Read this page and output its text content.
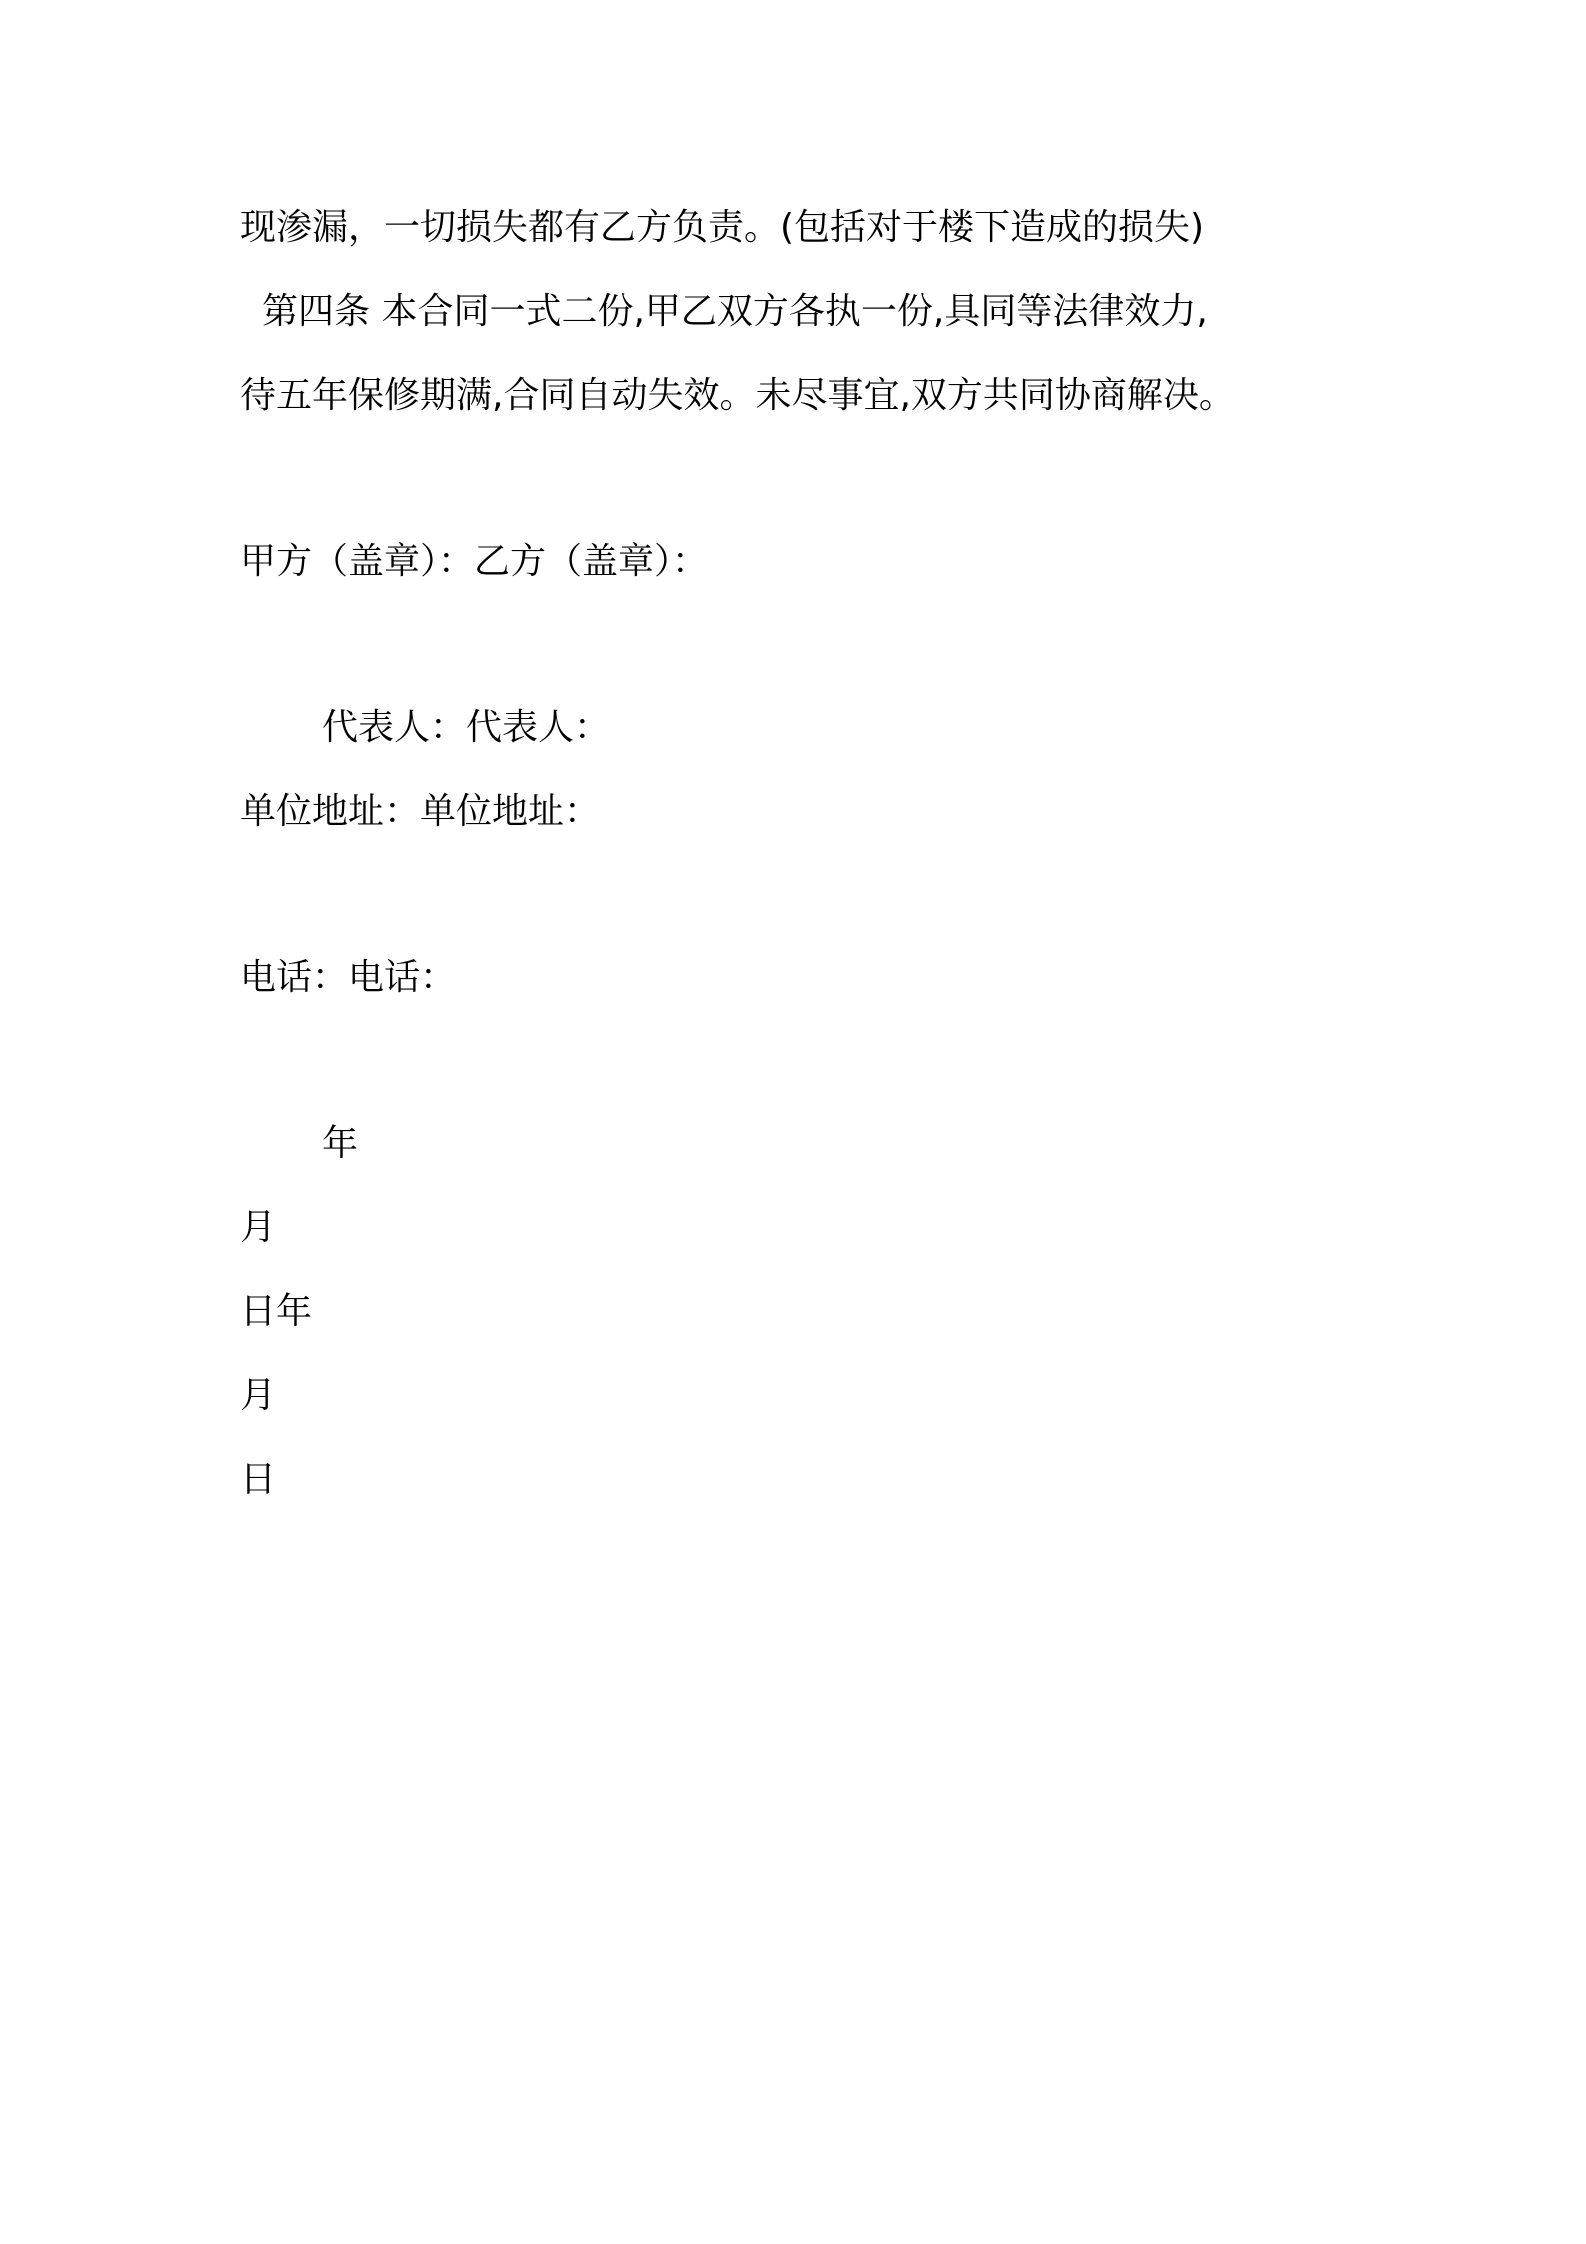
现渗漏，一切损失都有乙方负责。(包括对于楼下造成的损失)
第四条 本合同一式二份,甲乙双方各执一份,具同等法律效力,
待五年保修期满,合同自动失效。未尽事宜,双方共同协商解决。
甲方（盖章）：乙方（盖章）：
代表人：代表人：
单位地址：单位地址：
电话：电话：
年
月
日年
月
日
